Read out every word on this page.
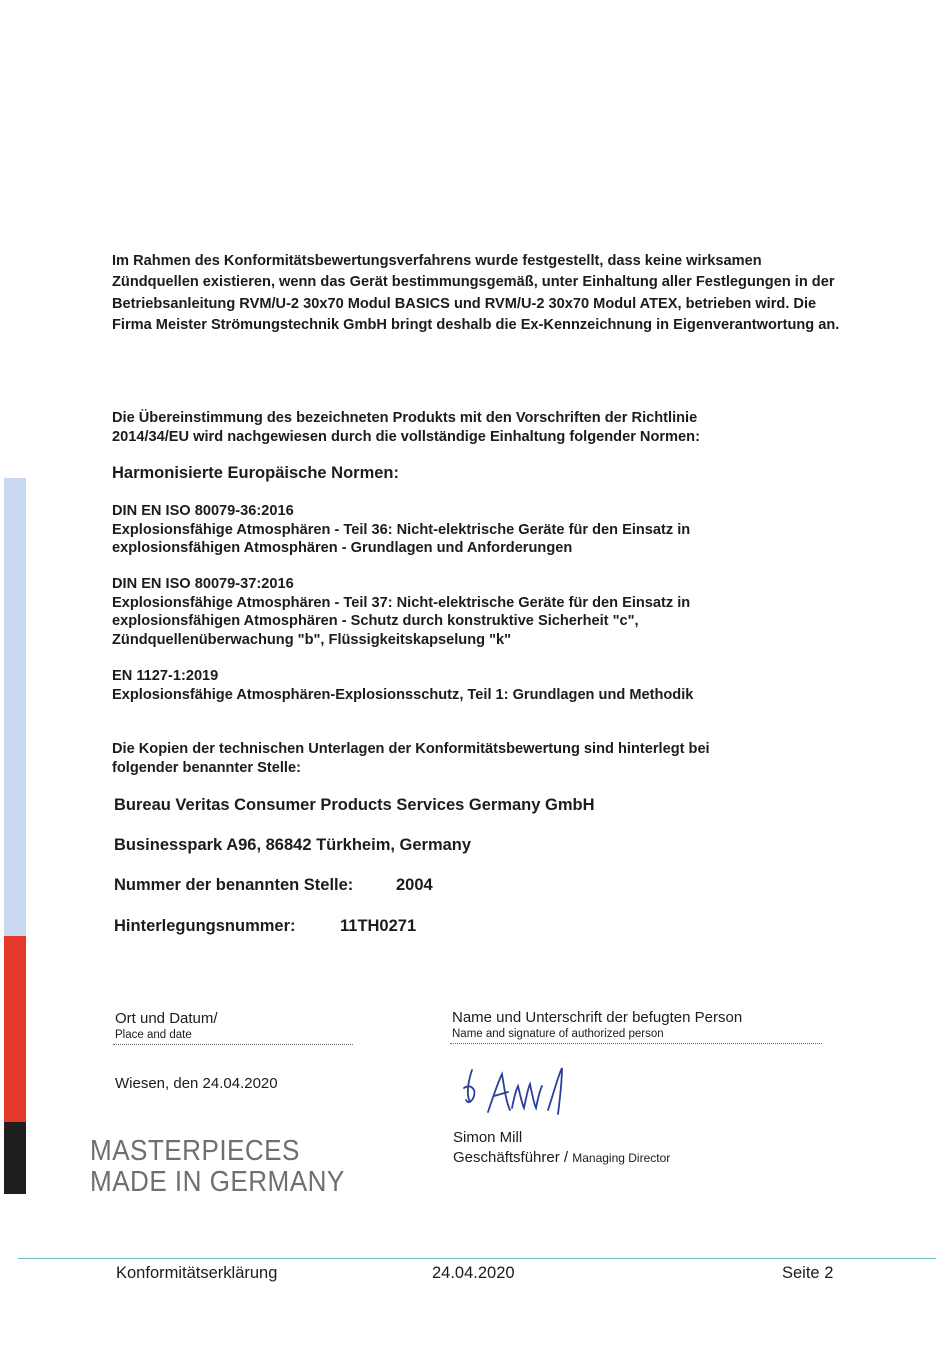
Im Rahmen des Konformitätsbewertungsverfahrens wurde festgestellt, dass keine wirksamen Zündquellen existieren, wenn das Gerät bestimmungsgemäß, unter Einhaltung aller Festlegungen in der Betriebsanleitung RVM/U-2 30x70 Modul BASICS und RVM/U-2 30x70 Modul ATEX, betrieben wird. Die Firma Meister Strömungstechnik GmbH bringt deshalb die Ex-Kennzeichnung in Eigenverantwortung an.
Die Übereinstimmung des bezeichneten Produkts mit den Vorschriften der Richtlinie
2014/34/EU wird nachgewiesen durch die vollständige Einhaltung folgender Normen:
Harmonisierte Europäische Normen:
DIN EN ISO 80079-36:2016
Explosionsfähige Atmosphären - Teil 36: Nicht-elektrische Geräte für den Einsatz in
explosionsfähigen Atmosphären - Grundlagen und Anforderungen
DIN EN ISO 80079-37:2016
Explosionsfähige Atmosphären - Teil 37: Nicht-elektrische Geräte für den Einsatz in
explosionsfähigen Atmosphären - Schutz durch konstruktive Sicherheit "c",
Zündquellenüberwachung "b", Flüssigkeitskapselung "k"
EN 1127-1:2019
Explosionsfähige Atmosphären-Explosionsschutz, Teil 1: Grundlagen und Methodik
Die Kopien der technischen Unterlagen der Konformitätsbewertung sind hinterlegt bei
folgender benannter Stelle:
Bureau Veritas Consumer Products Services Germany GmbH
Businesspark A96, 86842 Türkheim, Germany
Nummer der benannten Stelle:	2004
Hinterlegungsnummer:	11TH0271
Ort und Datum/
Place and date
Name und Unterschrift der befugten Person
Name and signature of authorized person
Wiesen, den 24.04.2020
Simon Mill
Geschäftsführer / Managing Director
MASTERPIECES
MADE IN GERMANY
Konformitätserklärung	24.04.2020	Seite 2
